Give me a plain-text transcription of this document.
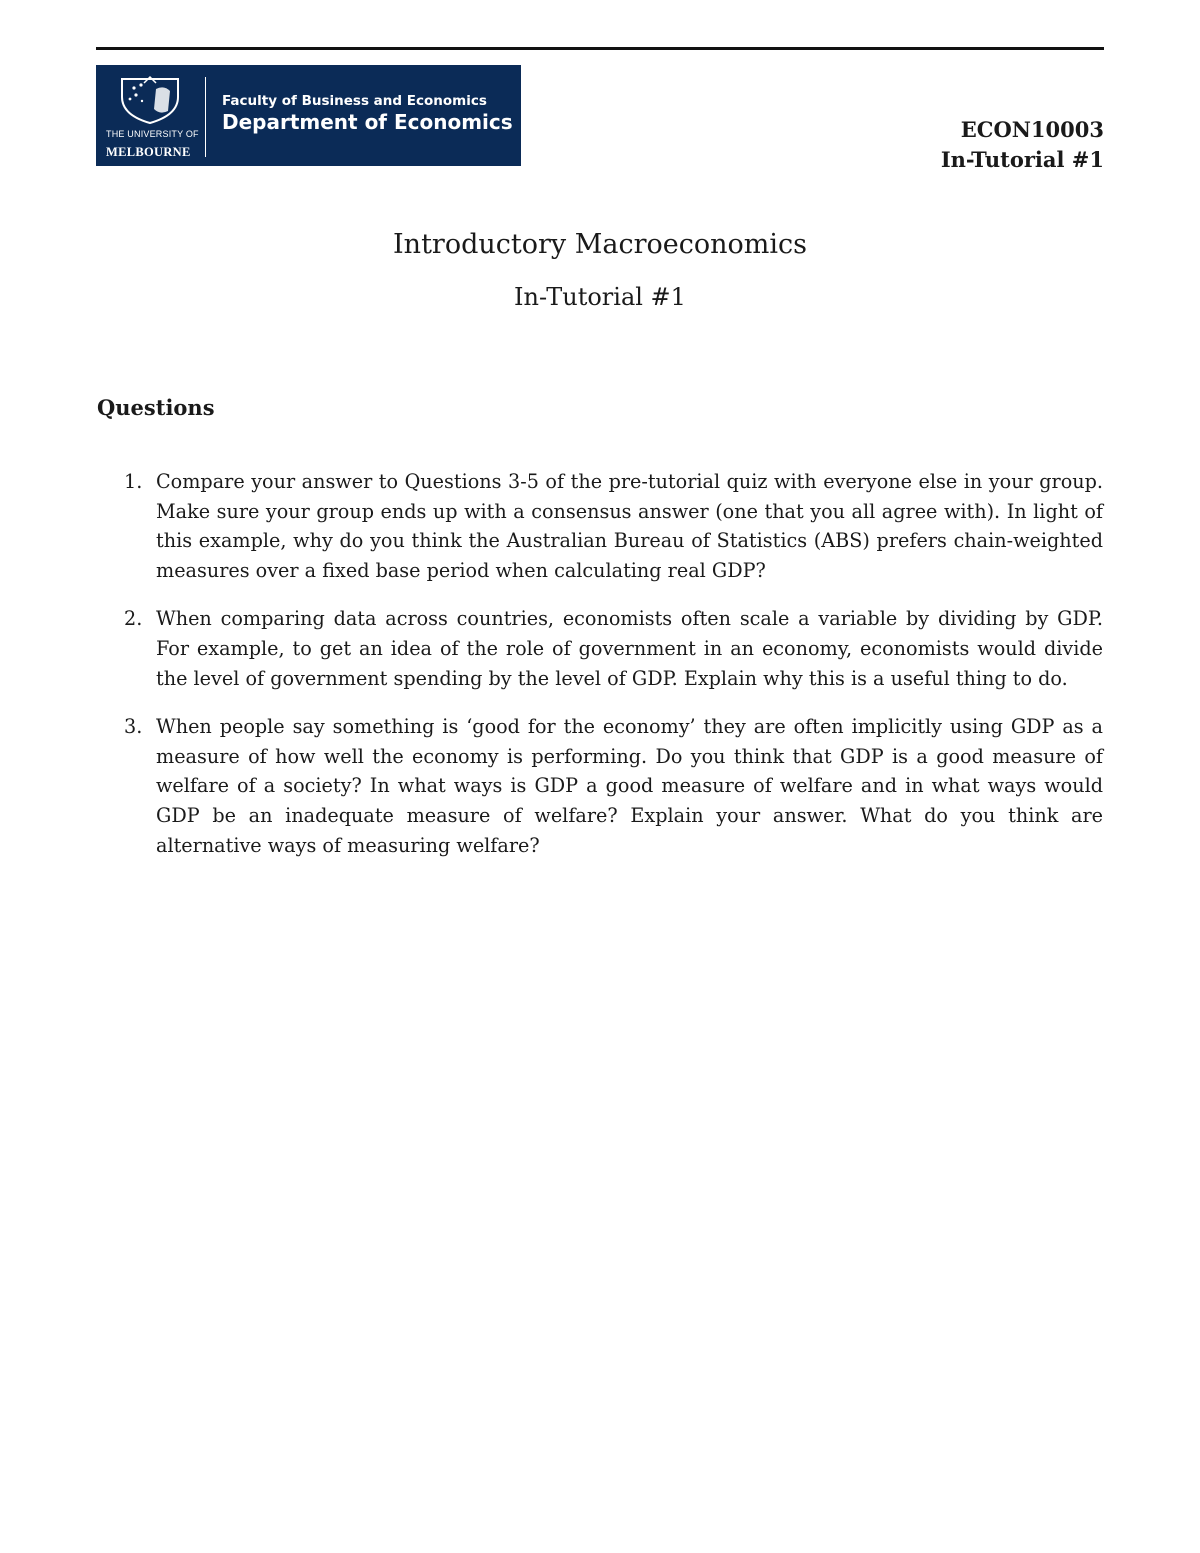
THE UNIVERSITY OF
MELBOURNE
Faculty of Business and Economics
Department of Economics	ECON10003
In-Tutorial #1
Introductory Macroeconomics
In-Tutorial #1
Questions
1. Compare your answer to Questions 3-5 of the pre-tutorial quiz with everyone else in your group. Make sure your group ends up with a consensus answer (one that you all agree with). In light of this example, why do you think the Australian Bureau of Statistics (ABS) prefers chain-weighted measures over a fixed base period when calculating real GDP?
2. When comparing data across countries, economists often scale a variable by dividing by GDP. For example, to get an idea of the role of government in an economy, economists would divide the level of government spending by the level of GDP. Explain why this is a useful thing to do.
3. When people say something is ‘good for the economy’ they are often implicitly using GDP as a measure of how well the economy is performing. Do you think that GDP is a good measure of welfare of a society? In what ways is GDP a good measure of welfare and in what ways would GDP be an inadequate measure of welfare? Explain your answer. What do you think are alternative ways of measuring welfare?
